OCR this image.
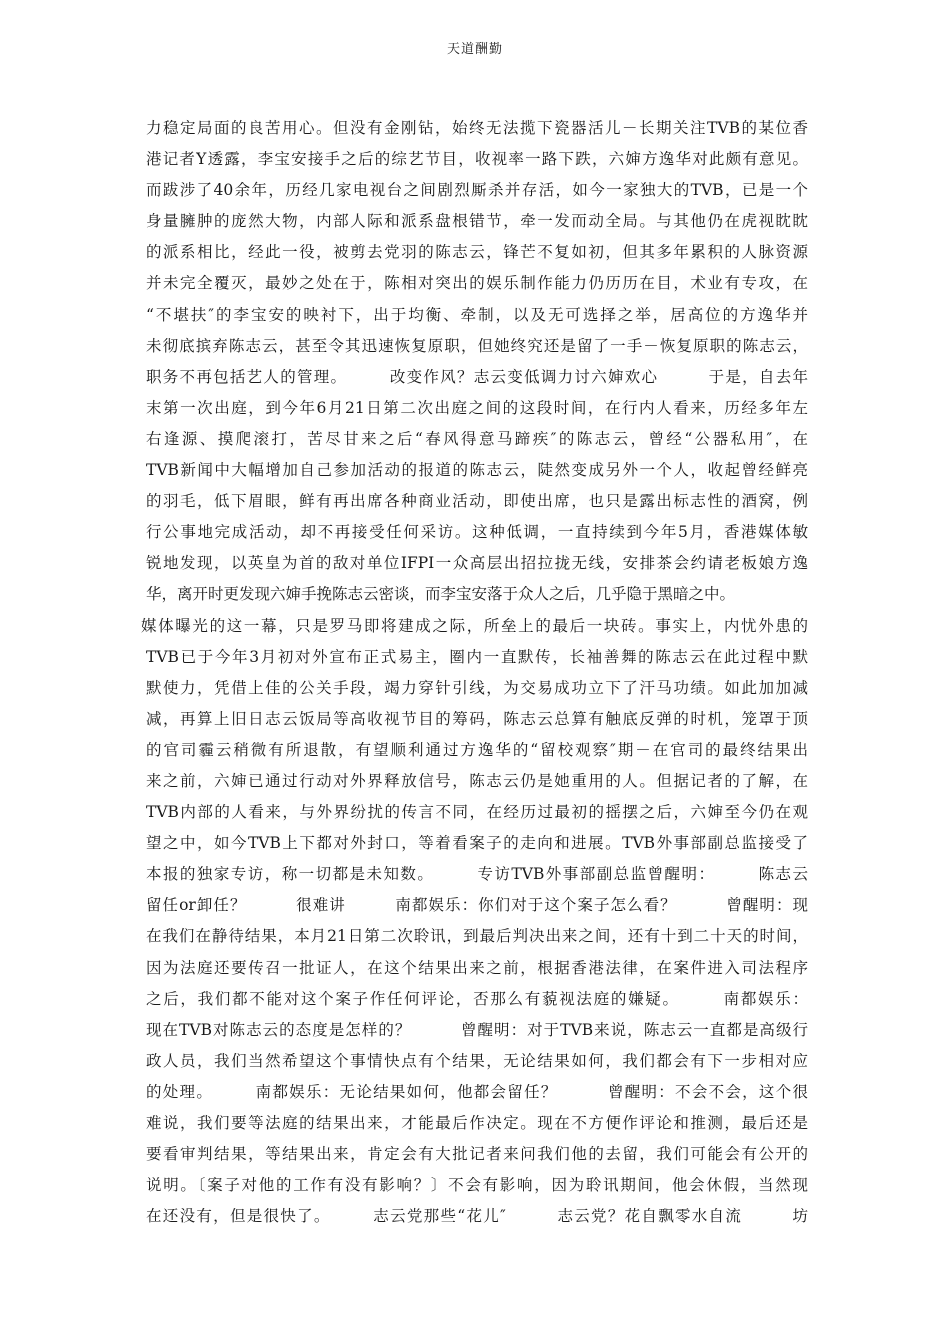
天道酬勤
力稳定局面的良苦用心。但没有金刚钻，始终无法揽下瓷器活儿－长期关注TVB的某位香
港记者Y透露，李宝安接手之后的综艺节目，收视率一路下跌，六婶方逸华对此颇有意见。
而跋涉了40余年，历经几家电视台之间剧烈厮杀并存活，如今一家独大的TVB，已是一个
身量臃肿的庞然大物，内部人际和派系盘根错节，牵一发而动全局。与其他仍在虎视眈眈
的派系相比，经此一役，被剪去党羽的陈志云，锋芒不复如初，但其多年累积的人脉资源
并未完全覆灭，最妙之处在于，陈相对突出的娱乐制作能力仍历历在目，术业有专攻，在
“不堪扶″的李宝安的映衬下，出于均衡、牵制，以及无可选择之举，居高位的方逸华并
未彻底摈弃陈志云，甚至令其迅速恢复原职，但她终究还是留了一手－恢复原职的陈志云，
职务不再包括艺人的管理。　　　改变作风？志云变低调力讨六婶欢心　　　于是，自去年
末第一次出庭，到今年6月21日第二次出庭之间的这段时间，在行内人看来，历经多年左
右逢源、摸爬滚打，苦尽甘来之后“春风得意马蹄疾″的陈志云，曾经“公器私用″，在
TVB新闻中大幅增加自己参加活动的报道的陈志云，陡然变成另外一个人，收起曾经鲜亮
的羽毛，低下眉眼，鲜有再出席各种商业活动，即使出席，也只是露出标志性的酒窝，例
行公事地完成活动，却不再接受任何采访。这种低调，一直持续到今年5月，香港媒体敏
锐地发现，以英皇为首的敌对单位IFPI一众高层出招拉拢无线，安排茶会约请老板娘方逸
华，离开时更发现六婶手挽陈志云密谈，而李宝安落于众人之后，几乎隐于黑暗之中。
媒体曝光的这一幕，只是罗马即将建成之际，所垒上的最后一块砖。事实上，内忧外患的
TVB已于今年3月初对外宣布正式易主，圈内一直默传，长袖善舞的陈志云在此过程中默
默使力，凭借上佳的公关手段，竭力穿针引线，为交易成功立下了汗马功绩。如此加加减
减，再算上旧日志云饭局等高收视节目的筹码，陈志云总算有触底反弹的时机，笼罩于顶
的官司霾云稍微有所退散，有望顺利通过方逸华的“留校观察″期－在官司的最终结果出
来之前，六婶已通过行动对外界释放信号，陈志云仍是她重用的人。但据记者的了解，在
TVB内部的人看来，与外界纷扰的传言不同，在经历过最初的摇摆之后，六婶至今仍在观
望之中，如今TVB上下都对外封口，等着看案子的走向和进展。TVB外事部副总监接受了
本报的独家专访，称一切都是未知数。　　　专访TVB外事部副总监曾醒明：　　　陈志云
留任or卸任？　　　很难讲　　　南都娱乐：你们对于这个案子怎么看？　　　曾醒明：现
在我们在静待结果，本月21日第二次聆讯，到最后判决出来之间，还有十到二十天的时间，
因为法庭还要传召一批证人，在这个结果出来之前，根据香港法律，在案件进入司法程序
之后，我们都不能对这个案子作任何评论，否那么有藐视法庭的嫌疑。　　　南都娱乐：
现在TVB对陈志云的态度是怎样的？　　　曾醒明：对于TVB来说，陈志云一直都是高级行
政人员，我们当然希望这个事情快点有个结果，无论结果如何，我们都会有下一步相对应
的处理。　　　南都娱乐：无论结果如何，他都会留任？　　　曾醒明：不会不会，这个很
难说，我们要等法庭的结果出来，才能最后作决定。现在不方便作评论和推测，最后还是
要看审判结果，等结果出来，肯定会有大批记者来问我们他的去留，我们可能会有公开的
说明。〔案子对他的工作有没有影响？〕不会有影响，因为聆讯期间，他会休假，当然现
在还没有，但是很快了。　　　志云党那些“花儿″　　　志云党？花自飘零水自流　　　坊
